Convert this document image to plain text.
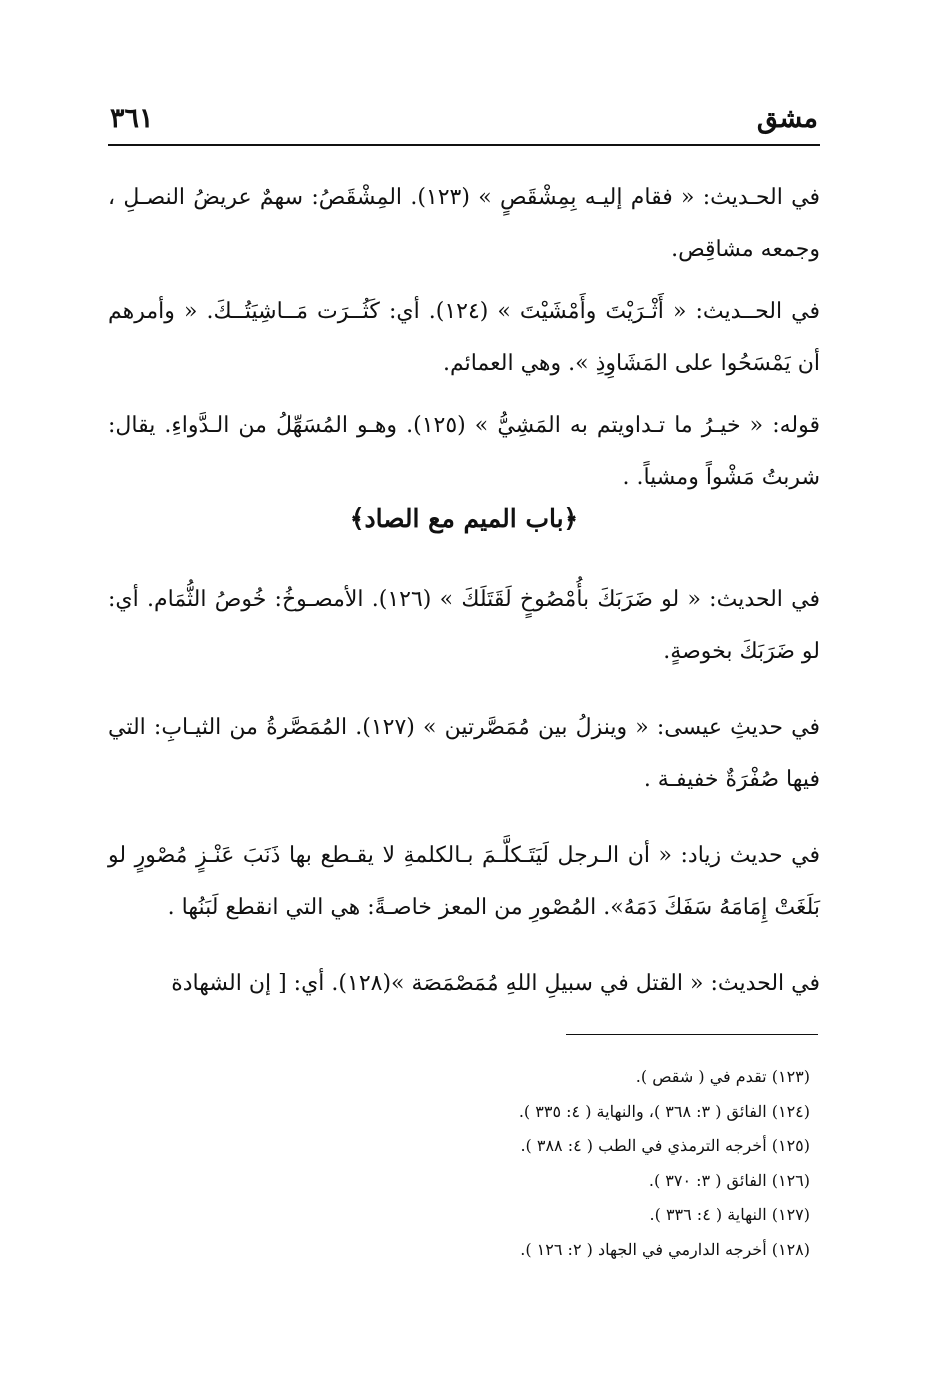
٣٦١	مشق

في الحـديث: « فقام إليـه بِمِشْقَصٍ » (١٢٣). المِشْقَصُ: سهمٌ عريضُ النصـلِ ، وجمعه مشاقِص.

في الحــديث: « أَثْـرَيْتَ وأَمْشَيْتَ » (١٢٤). أي: كَثُــرَت مَــاشِيَتُــكَ. « وأمرهم أن يَمْسَحُوا على المَشَاوِذِ ». وهي العمائم.

قوله: « خيـرُ ما تـداويتم به المَشِيُّ » (١٢٥). وهـو المُسَهِّلُ من الـدَّواءِ. يقال: شربتُ مَشْواً ومشياً. .

﴿باب الميم مع الصاد﴾

في الحديث: « لو ضَرَبَكَ بأُمْصُوخٍ لَقَتَلَكَ » (١٢٦). الأمصـوخُ: خُوصُ الثُّمَام. أي: لو ضَرَبَكَ بخوصةٍ.

في حديثِ عيسى: « وينزلُ بين مُمَصَّرتين » (١٢٧). المُمَصَّرةُ من الثيـابِ: التي فيها صُفْرَةٌ خفيفـة .

في حديث زياد: « أن الـرجل لَيَتَـكلَّـمَ بـالكلمةِ لا يقـطع بها ذَنَبَ عَنْـزٍ مُصْورٍ لو بَلَغَتْ إِمَامَهُ سَفَكَ دَمَهُ». المُصْورِ من المعز خاصـةً: هي التي انقطع لَبَنُها .

في الحديث: « القتل في سبيلِ اللهِ مُمَصْمَصَة »(١٢٨). أي: [ إن الشهادة

(١٢٣) تقدم في ( شقص ).
(١٢٤) الفائق ( ٣: ٣٦٨ )، والنهاية ( ٤: ٣٣٥ ).
(١٢٥) أخرجه الترمذي في الطب ( ٤: ٣٨٨ ).
(١٢٦) الفائق ( ٣: ٣٧٠ ).
(١٢٧) النهاية ( ٤: ٣٣٦ ).
(١٢٨) أخرجه الدارمي في الجهاد ( ٢: ١٢٦ ).
